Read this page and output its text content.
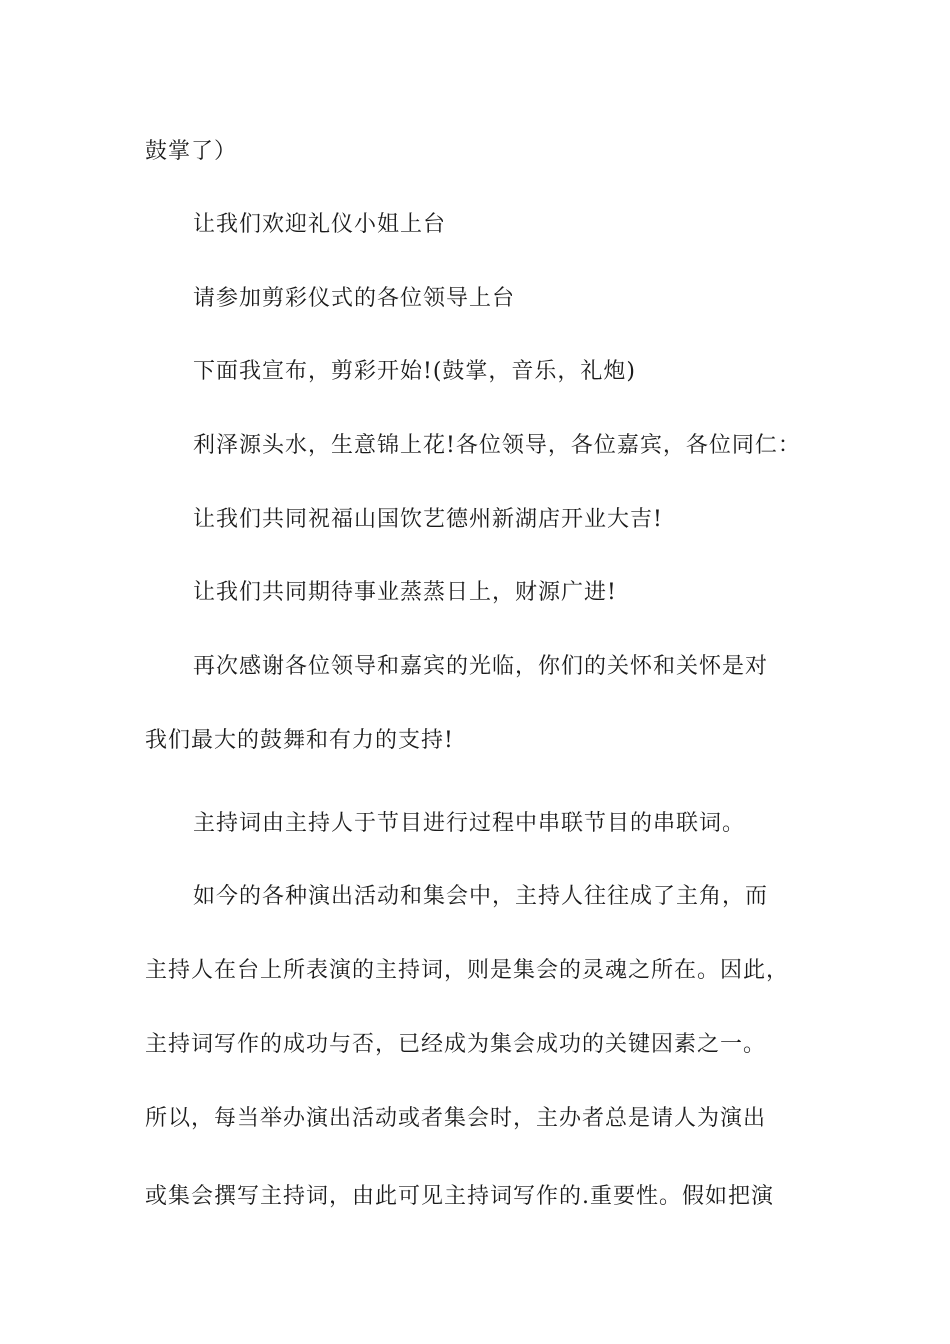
鼓掌了）
让我们欢迎礼仪小姐上台
请参加剪彩仪式的各位领导上台
下面我宣布，剪彩开始!(鼓掌，音乐，礼炮)
利泽源头水，生意锦上花!各位领导，各位嘉宾，各位同仁：
让我们共同祝福山国饮艺德州新湖店开业大吉!
让我们共同期待事业蒸蒸日上，财源广进!
再次感谢各位领导和嘉宾的光临，你们的关怀和关怀是对
我们最大的鼓舞和有力的支持!
主持词由主持人于节目进行过程中串联节目的串联词。
如今的各种演出活动和集会中，主持人往往成了主角，而
主持人在台上所表演的主持词，则是集会的灵魂之所在。因此，
主持词写作的成功与否，已经成为集会成功的关键因素之一。
所以，每当举办演出活动或者集会时，主办者总是请人为演出
或集会撰写主持词，由此可见主持词写作的.重要性。假如把演
